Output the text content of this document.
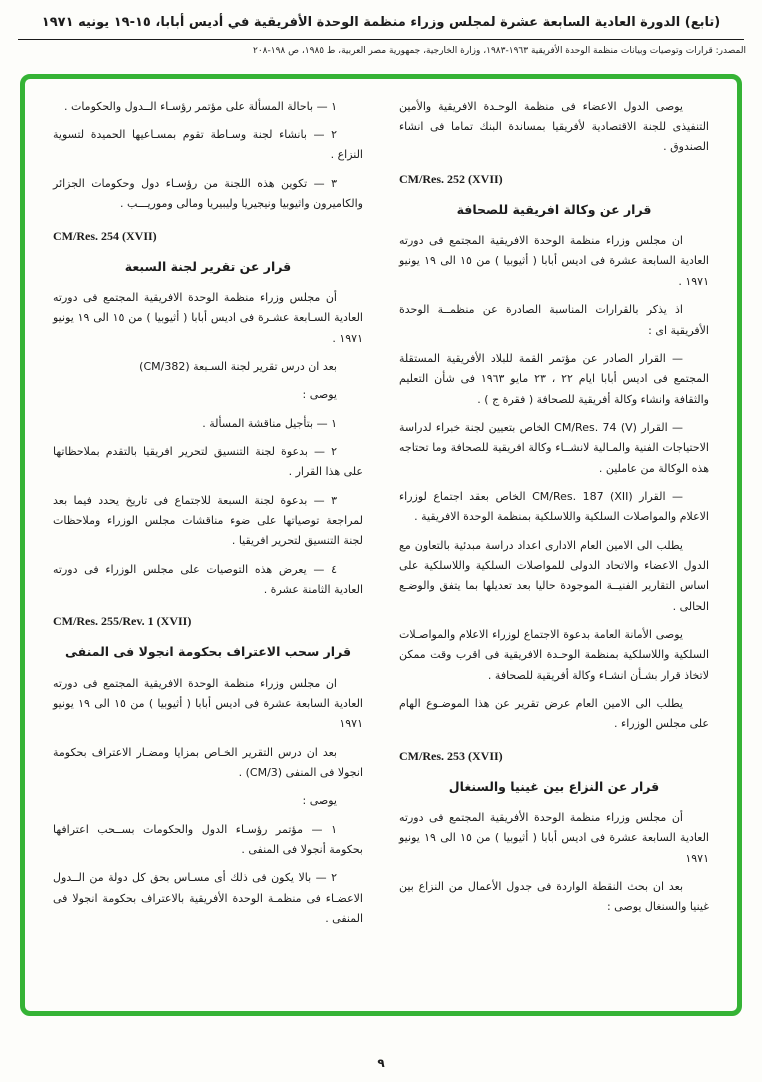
(تابع) الدورة العادية السابعة عشرة لمجلس وزراء منظمة الوحدة الأفريقية في أديس أبابا، ١٥-١٩ يونيه ١٩٧١
المصدر: قرارات وتوصيات وبيانات منظمة الوحدة الأفريقية ١٩٦٣-١٩٨٣، وزارة الخارجية، جمهورية مصر العربية، ط ١٩٨٥، ص ١٩٨-٢٠٨
يوصى الدول الاعضاء فى منظمة الوحـدة الافريقية والأمين التنفيذى للجنة الاقتصادية لأفريقيا بمساندة البنك تماما فى انشاء الصندوق .
CM/Res. 252 (XVII)
قرار عن وكالة افريقية للصحافة
ان مجلس وزراء منظمة الوحدة الافريقية المجتمع فى دورته العادية السابعة عشرة فى اديس أبابا ( أثيوبيا ) من ١٥ الى ١٩ يونيو ١٩٧١ .
اذ يذكر بالقرارات المناسبة الصادرة عن منظمــة الوحدة الأفريقية اى :
— القرار الصادر عن مؤتمر القمة للبلاد الأفريقية المستقلة المجتمع فى اديس أبابا ايام ٢٢ ، ٢٣ مايو ١٩٦٣ فى شأن التعليم والثقافة وانشاء وكالة أفريقية للصحافة ( فقرة ج ) .
— القرار CM/Res. 74 (V) الخاص بتعيين لجنة خبراء لدراسة الاحتياجات الفنية والمـالية لانشــاء وكالة افريقية للصحافة وما تحتاجه هذه الوكالة من عاملين .
— القرار CM/Res. 187 (XII) الخاص بعقد اجتماع لوزراء الاعلام والمواصلات السلكية واللاسلكية بمنظمة الوحدة الافريقية .
يطلب الى الامين العام الادارى اعداد دراسة مبدئية بالتعاون مع الدول الاعضاء والاتحاد الدولى للمواصلات السلكية واللاسلكية على اساس التقارير الفنيــة الموجودة حاليا بعد تعديلها بما يتفق والوضـع الحالى .
يوصى الأمانة العامة بدعوة الاجتماع لوزراء الاعلام والمواصـلات السلكية واللاسلكية بمنظمة الوحـدة الافريقية فى اقرب وقت ممكن لاتخاذ قرار بشـأن انشـاء وكالة أفريقية للصحافة .
يطلب الى الامين العام عرض تقرير عن هذا الموضـوع الهام على مجلس الوزراء .
CM/Res. 253 (XVII)
قرار عن النزاع بين غينيا والسنغال
أن مجلس وزراء منظمة الوحدة الأفريقية المجتمع فى دورته العادية السابعة عشرة فى اديس أبابا ( أثيوبيا ) من ١٥ الى ١٩ يونيو ١٩٧١
بعد ان بحث النقطة الواردة فى جدول الأعمال من النزاع بين غينيا والسنغال يوصى :
١ — باحالة المسألة على مؤتمر رؤسـاء الــدول والحكومات .
٢ — بانشاء لجنة وسـاطة تقوم بمسـاعيها الحميدة لتسوية النزاع .
٣ — تكوين هذه اللجنة من رؤسـاء دول وحكومات الجزائر والكاميرون واثيوبيا ونيجيريا وليبيريا ومالى وموريـــب .
CM/Res. 254 (XVII)
قرار عن تقرير لجنة السبعة
أن مجلس وزراء منظمة الوحدة الافريقية المجتمع فى دورته العادية السـابعة عشـرة فى اديس أبابا ( أثيوبيا ) من ١٥ الى ١٩ يونيو ١٩٧١ .
بعد ان درس تقرير لجنة السـبعة (CM/382)
يوصى :
١ — بتأجيل مناقشة المسألة .
٢ — بدعوة لجنة التنسيق لتحرير افريقيا بالتقدم بملاحظاتها على هذا القرار .
٣ — بدعوة لجنة السبعة للاجتماع فى تاريخ يحدد فيما بعد لمراجعة توصياتها على ضوء مناقشات مجلس الوزراء وملاحظات لجنة التنسيق لتحرير افريقيا .
٤ — يعرض هذه التوصيات على مجلس الوزراء فى دورته العادية الثامنة عشرة .
CM/Res. 255/Rev. 1 (XVII)
قرار سحب الاعتراف بحكومة انجولا فى المنفى
ان مجلس وزراء منظمة الوحدة الافريقية المجتمع فى دورته العادية السابعة عشرة فى اديس أبابا ( أثيوبيا ) من ١٥ الى ١٩ يونيو ١٩٧١
بعد ان درس التقرير الخـاص بمزايا ومضـار الاعتراف بحكومة انجولا فى المنفى (CM/3) .
يوصى :
١ — مؤتمر رؤسـاء الدول والحكومات بســحب اعترافها بحكومة أنجولا فى المنفى .
٢ — بالا يكون فى ذلك أى مسـاس بحق كل دولة من الــدول الاعضـاء فى منظمـة الوحدة الأفريقية بالاعتراف بحكومة انجولا فى المنفى .
٩
